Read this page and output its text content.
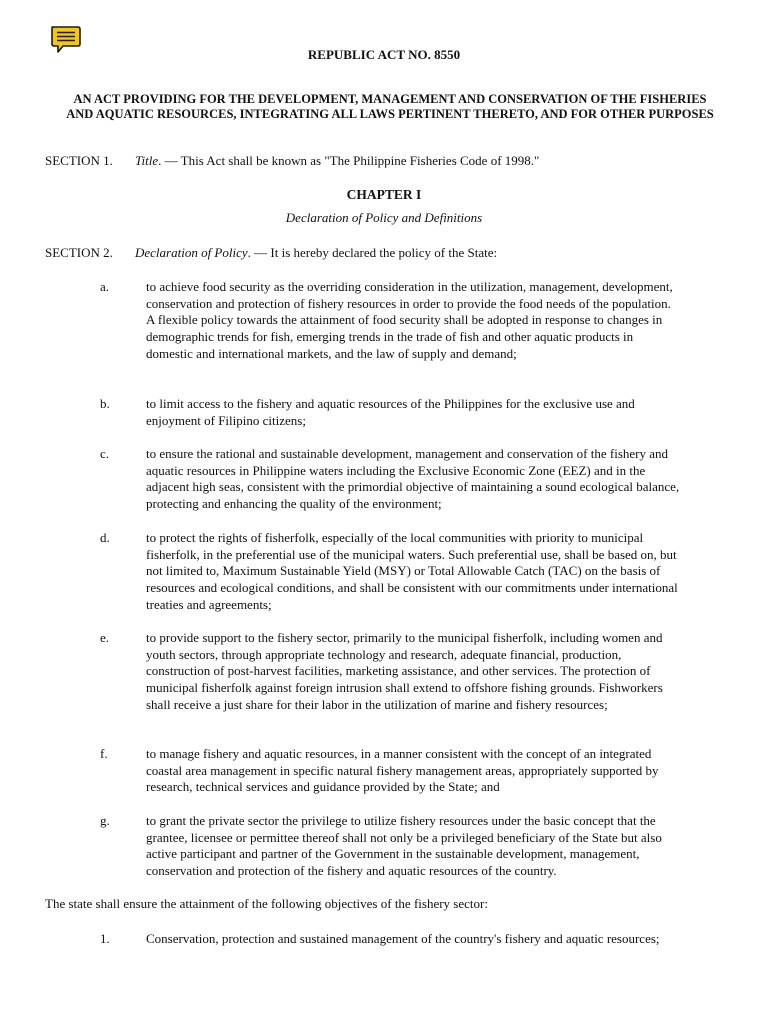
REPUBLIC ACT NO. 8550
AN ACT PROVIDING FOR THE DEVELOPMENT, MANAGEMENT AND CONSERVATION OF THE FISHERIES
AND AQUATIC RESOURCES, INTEGRATING ALL LAWS PERTINENT THERETO, AND FOR OTHER PURPOSES
SECTION 1. Title. — This Act shall be known as "The Philippine Fisheries Code of 1998."
CHAPTER I
Declaration of Policy and Definitions
SECTION 2. Declaration of Policy. — It is hereby declared the policy of the State:
a.	to achieve food security as the overriding consideration in the utilization, management, development, conservation and protection of fishery resources in order to provide the food needs of the population. A flexible policy towards the attainment of food security shall be adopted in response to changes in demographic trends for fish, emerging trends in the trade of fish and other aquatic products in domestic and international markets, and the law of supply and demand;
b.	to limit access to the fishery and aquatic resources of the Philippines for the exclusive use and enjoyment of Filipino citizens;
c.	to ensure the rational and sustainable development, management and conservation of the fishery and aquatic resources in Philippine waters including the Exclusive Economic Zone (EEZ) and in the adjacent high seas, consistent with the primordial objective of maintaining a sound ecological balance, protecting and enhancing the quality of the environment;
d.	to protect the rights of fisherfolk, especially of the local communities with priority to municipal fisherfolk, in the preferential use of the municipal waters. Such preferential use, shall be based on, but not limited to, Maximum Sustainable Yield (MSY) or Total Allowable Catch (TAC) on the basis of resources and ecological conditions, and shall be consistent with our commitments under international treaties and agreements;
e.	to provide support to the fishery sector, primarily to the municipal fisherfolk, including women and youth sectors, through appropriate technology and research, adequate financial, production, construction of post-harvest facilities, marketing assistance, and other services. The protection of municipal fisherfolk against foreign intrusion shall extend to offshore fishing grounds. Fishworkers shall receive a just share for their labor in the utilization of marine and fishery resources;
f.	to manage fishery and aquatic resources, in a manner consistent with the concept of an integrated coastal area management in specific natural fishery management areas, appropriately supported by research, technical services and guidance provided by the State; and
g.	to grant the private sector the privilege to utilize fishery resources under the basic concept that the grantee, licensee or permittee thereof shall not only be a privileged beneficiary of the State but also active participant and partner of the Government in the sustainable development, management, conservation and protection of the fishery and aquatic resources of the country.
The state shall ensure the attainment of the following objectives of the fishery sector:
1.	Conservation, protection and sustained management of the country's fishery and aquatic resources;
